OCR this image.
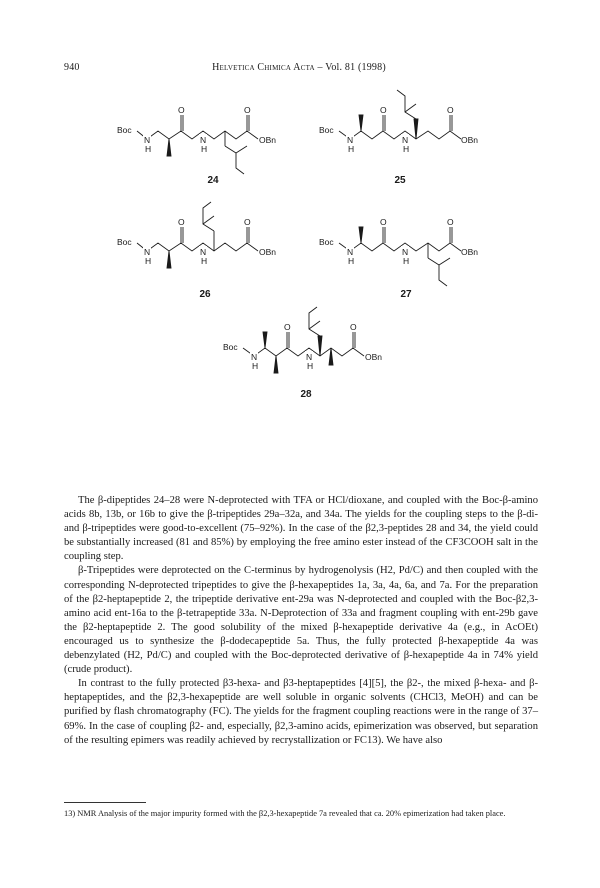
940	Helvetica Chimica Acta – Vol. 81 (1998)
Boc
N
H
O
N
H
O
OBn
Boc
N
H
O
N
H
O
OBn
Boc
N
H
O
N
H
O
OBn
Boc
N
H
O
N
H
O
OBn
Boc
N
H
O
N
H
O
OBn
24	25
26	27
28

The β-dipeptides 24–28 were N-deprotected with TFA or HCl/dioxane, and coupled with the Boc-β-amino acids 8b, 13b, or 16b to give the β-tripeptides 29a–32a, and 34a. The yields for the coupling steps to the β-di- and β-tripeptides were good-to-excellent (75–92%). In the case of the β2,3-peptides 28 and 34, the yield could be substantially increased (81 and 85%) by employing the free amino ester instead of the CF3COOH salt in the coupling step.

β-Tripeptides were deprotected on the C-terminus by hydrogenolysis (H2, Pd/C) and then coupled with the corresponding N-deprotected tripeptides to give the β-hexapeptides 1a, 3a, 4a, 6a, and 7a. For the preparation of the β2-heptapeptide 2, the tripeptide derivative ent-29a was N-deprotected and coupled with the Boc-β2,3-amino acid ent-16a to the β-tetrapeptide 33a. N-Deprotection of 33a and fragment coupling with ent-29b gave the β2-heptapeptide 2. The good solubility of the mixed β-hexapeptide derivative 4a (e.g., in AcOEt) encouraged us to synthesize the β-dodecapeptide 5a. Thus, the fully protected β-hexapeptide 4a was debenzylated (H2, Pd/C) and coupled with the Boc-deprotected derivative of β-hexapeptide 4a in 74% yield (crude product).

In contrast to the fully protected β3-hexa- and β3-heptapeptides [4][5], the β2-, the mixed β-hexa- and β-heptapeptides, and the β2,3-hexapeptide are well soluble in organic solvents (CHCl3, MeOH) and can be purified by flash chromatography (FC). The yields for the fragment coupling reactions were in the range of 37–69%. In the case of coupling β2- and, especially, β2,3-amino acids, epimerization was observed, but separation of the resulting epimers was readily achieved by recrystallization or FC13). We have also

13) NMR Analysis of the major impurity formed with the β2,3-hexapeptide 7a revealed that ca. 20% epimerization had taken place.
